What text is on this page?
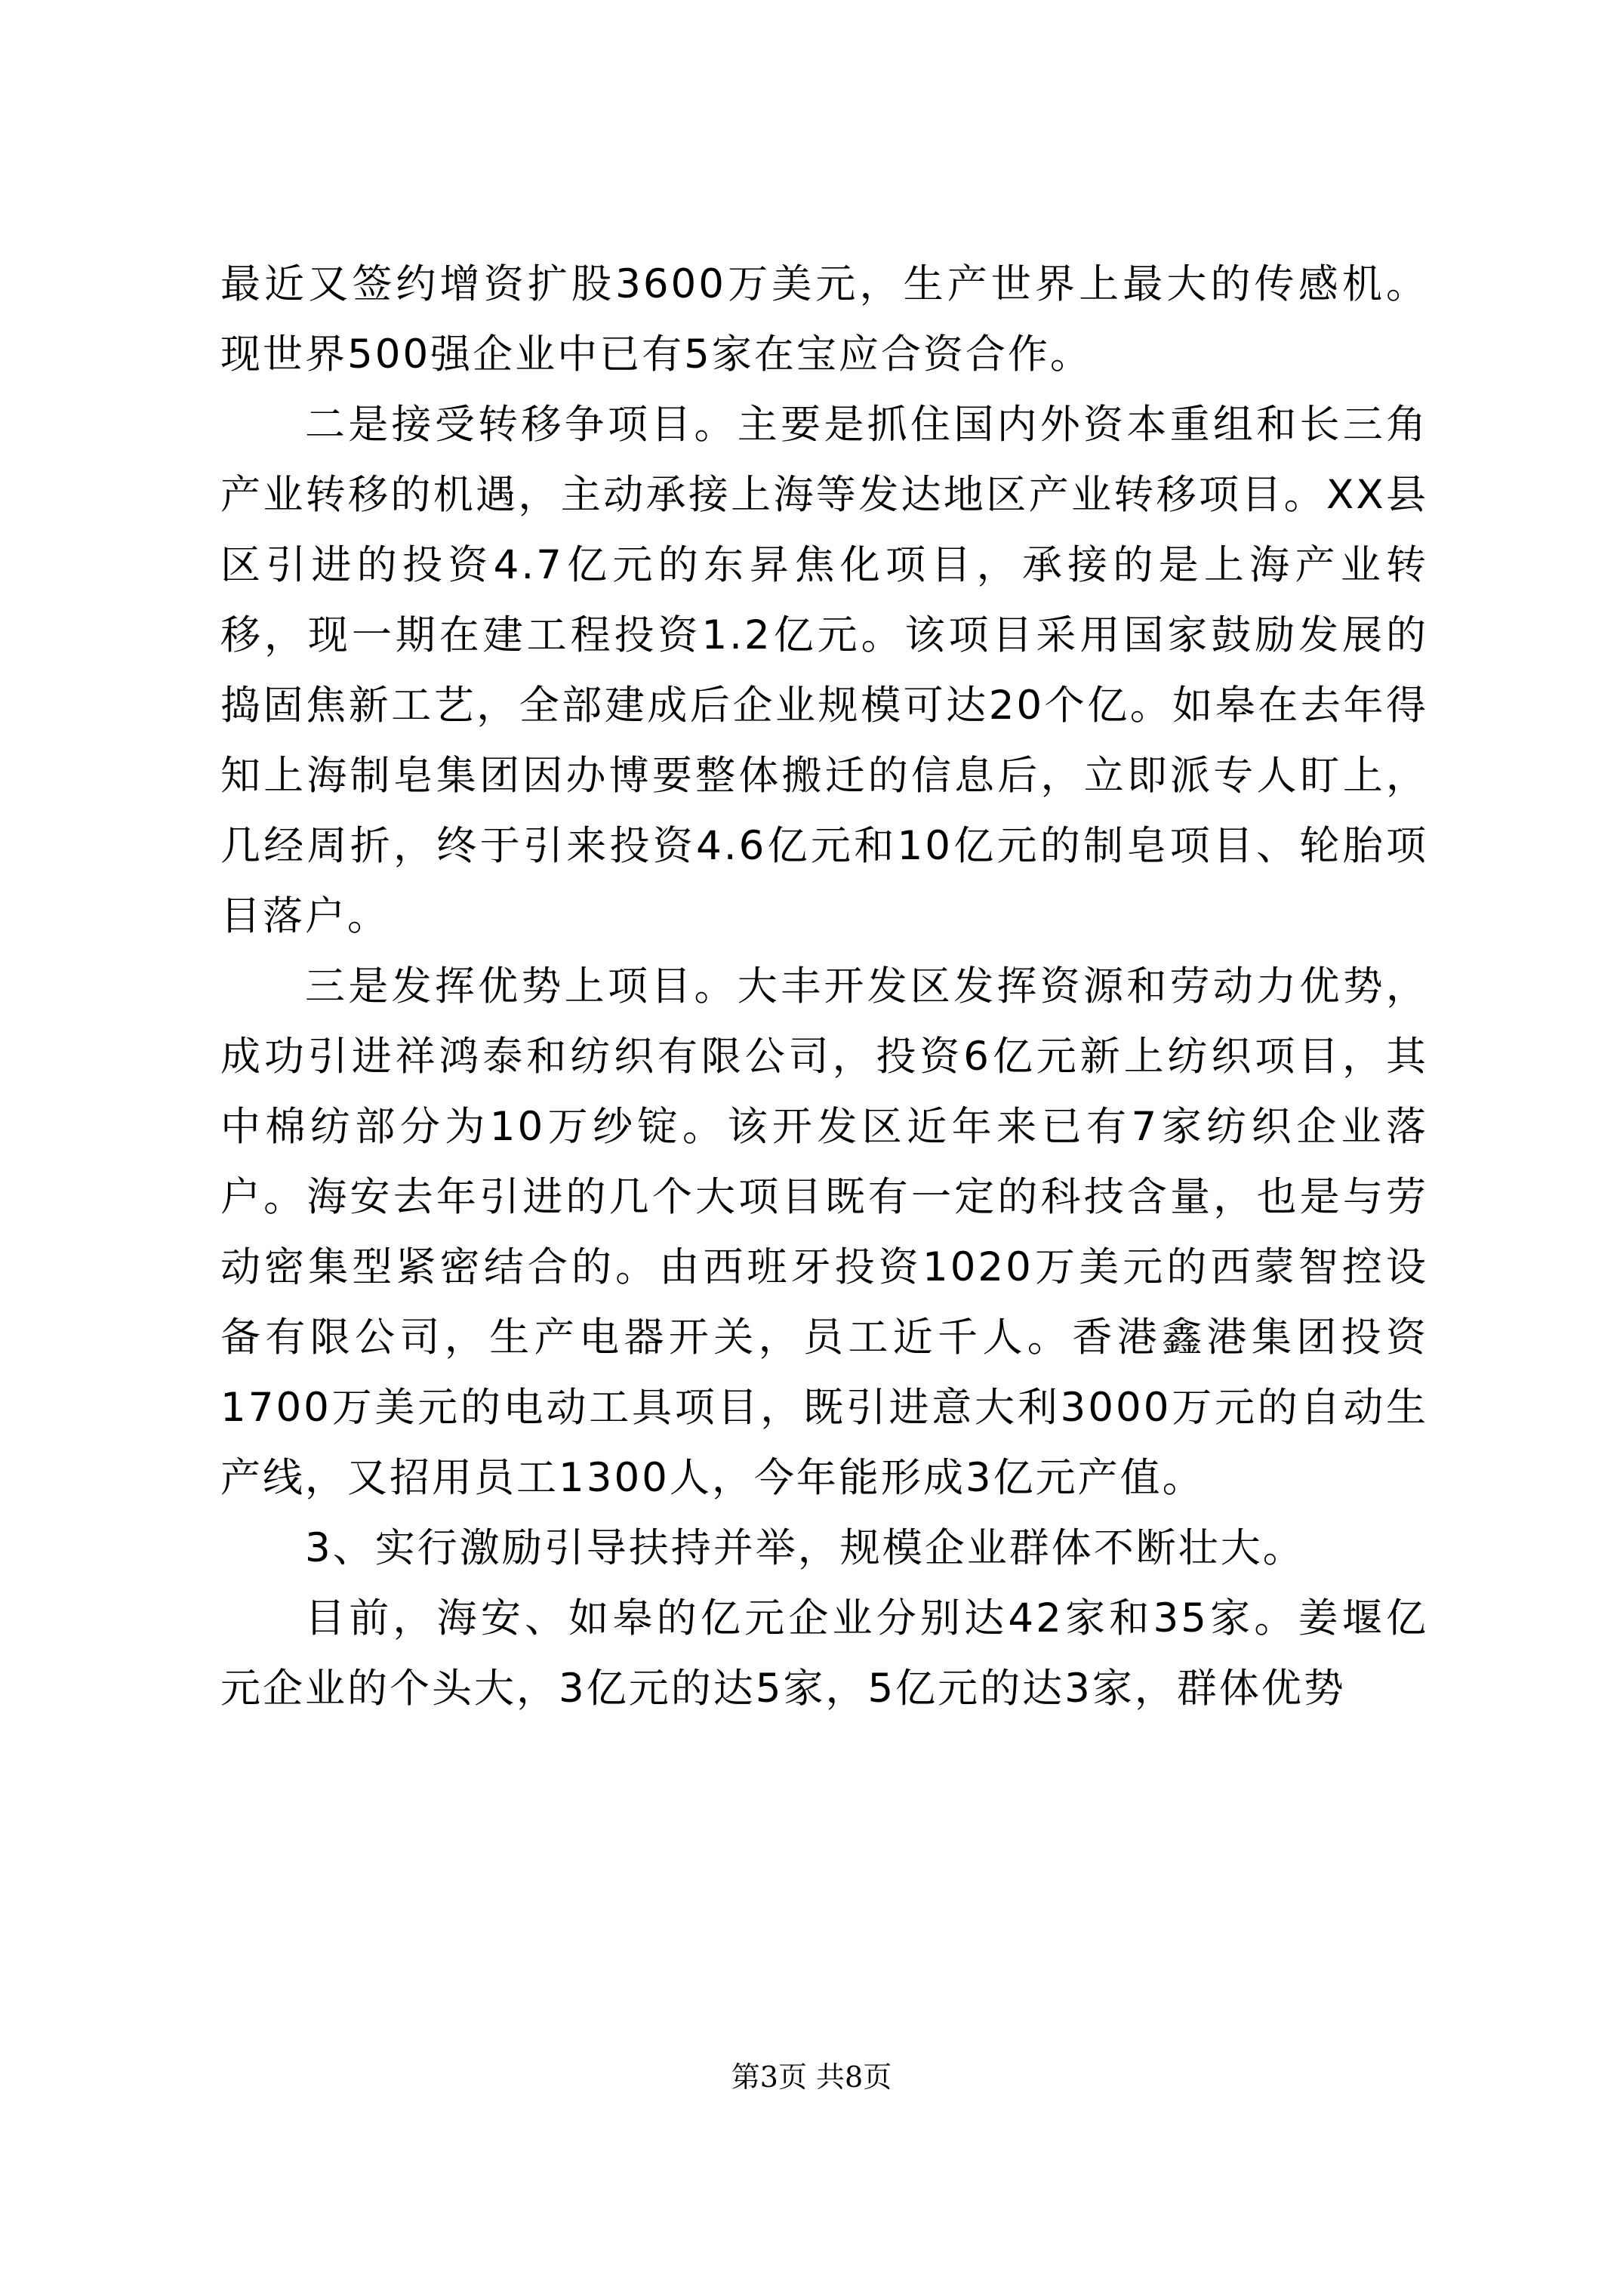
最近又签约增资扩股3600万美元，生产世界上最大的传感机。现世界500强企业中已有5家在宝应合资合作。

二是接受转移争项目。主要是抓住国内外资本重组和长三角产业转移的机遇，主动承接上海等发达地区产业转移项目。XX县区引进的投资4.7亿元的东昇焦化项目，承接的是上海产业转移，现一期在建工程投资1.2亿元。该项目采用国家鼓励发展的捣固焦新工艺，全部建成后企业规模可达20个亿。如皋在去年得知上海制皂集团因办博要整体搬迁的信息后，立即派专人盯上，几经周折，终于引来投资4.6亿元和10亿元的制皂项目、轮胎项目落户。

三是发挥优势上项目。大丰开发区发挥资源和劳动力优势，成功引进祥鸿泰和纺织有限公司，投资6亿元新上纺织项目，其中棉纺部分为10万纱锭。该开发区近年来已有7家纺织企业落户。海安去年引进的几个大项目既有一定的科技含量，也是与劳动密集型紧密结合的。由西班牙投资1020万美元的西蒙智控设备有限公司，生产电器开关，员工近千人。香港鑫港集团投资1700万美元的电动工具项目，既引进意大利3000万元的自动生产线，又招用员工1300人，今年能形成3亿元产值。

3、实行激励引导扶持并举，规模企业群体不断壮大。

目前，海安、如皋的亿元企业分别达42家和35家。姜堰亿元企业的个头大，3亿元的达5家，5亿元的达3家，群体优势

第3页 共8页
